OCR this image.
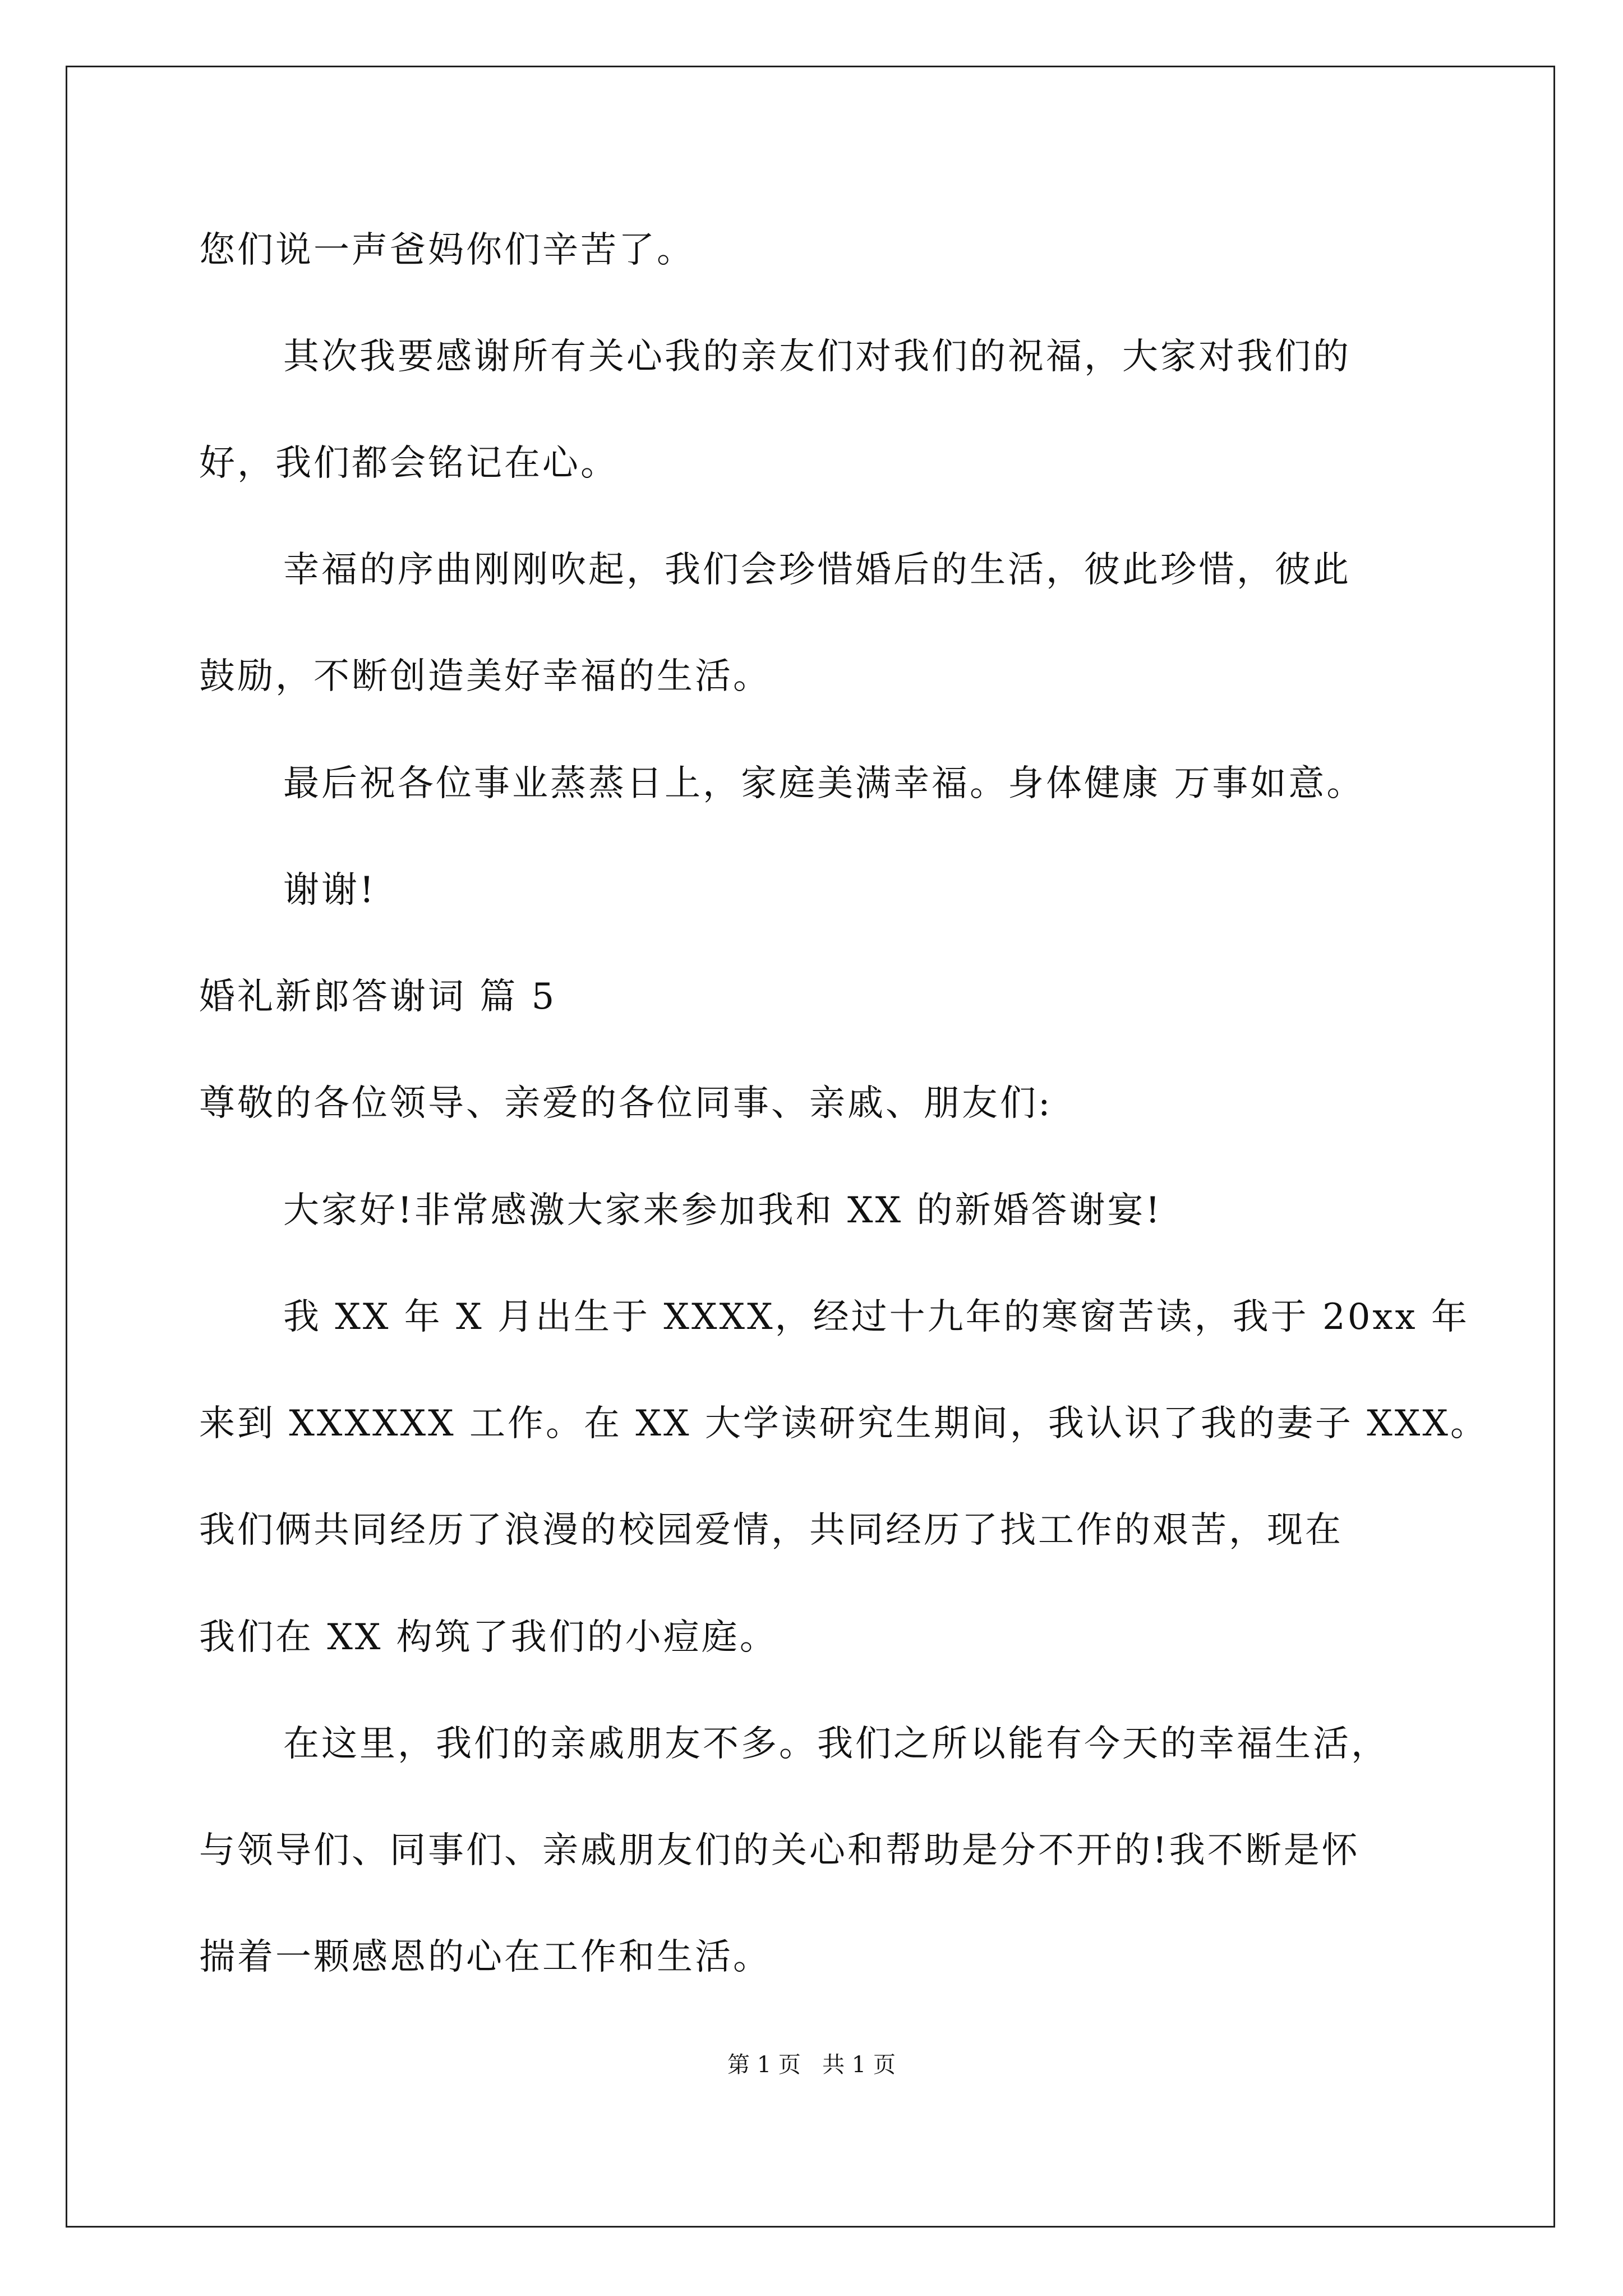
您们说一声爸妈你们辛苦了。
其次我要感谢所有关心我的亲友们对我们的祝福，大家对我们的
好，我们都会铭记在心。
幸福的序曲刚刚吹起，我们会珍惜婚后的生活，彼此珍惜，彼此
鼓励，不断创造美好幸福的生活。
最后祝各位事业蒸蒸日上，家庭美满幸福。身体健康 万事如意。
谢谢!
婚礼新郎答谢词 篇 5
尊敬的各位领导、亲爱的各位同事、亲戚、朋友们:
大家好!非常感激大家来参加我和 XX 的新婚答谢宴!
我 XX 年 X 月出生于 XXXX，经过十九年的寒窗苦读，我于 20xx 年
来到 XXXXXX 工作。在 XX 大学读研究生期间，我认识了我的妻子 XXX。
我们俩共同经历了浪漫的校园爱情，共同经历了找工作的艰苦，现在
我们在 XX 构筑了我们的小痘庭。
在这里，我们的亲戚朋友不多。我们之所以能有今天的幸福生活，
与领导们、同事们、亲戚朋友们的关心和帮助是分不开的!我不断是怀
揣着一颗感恩的心在工作和生活。
第 1 页   共 1 页
